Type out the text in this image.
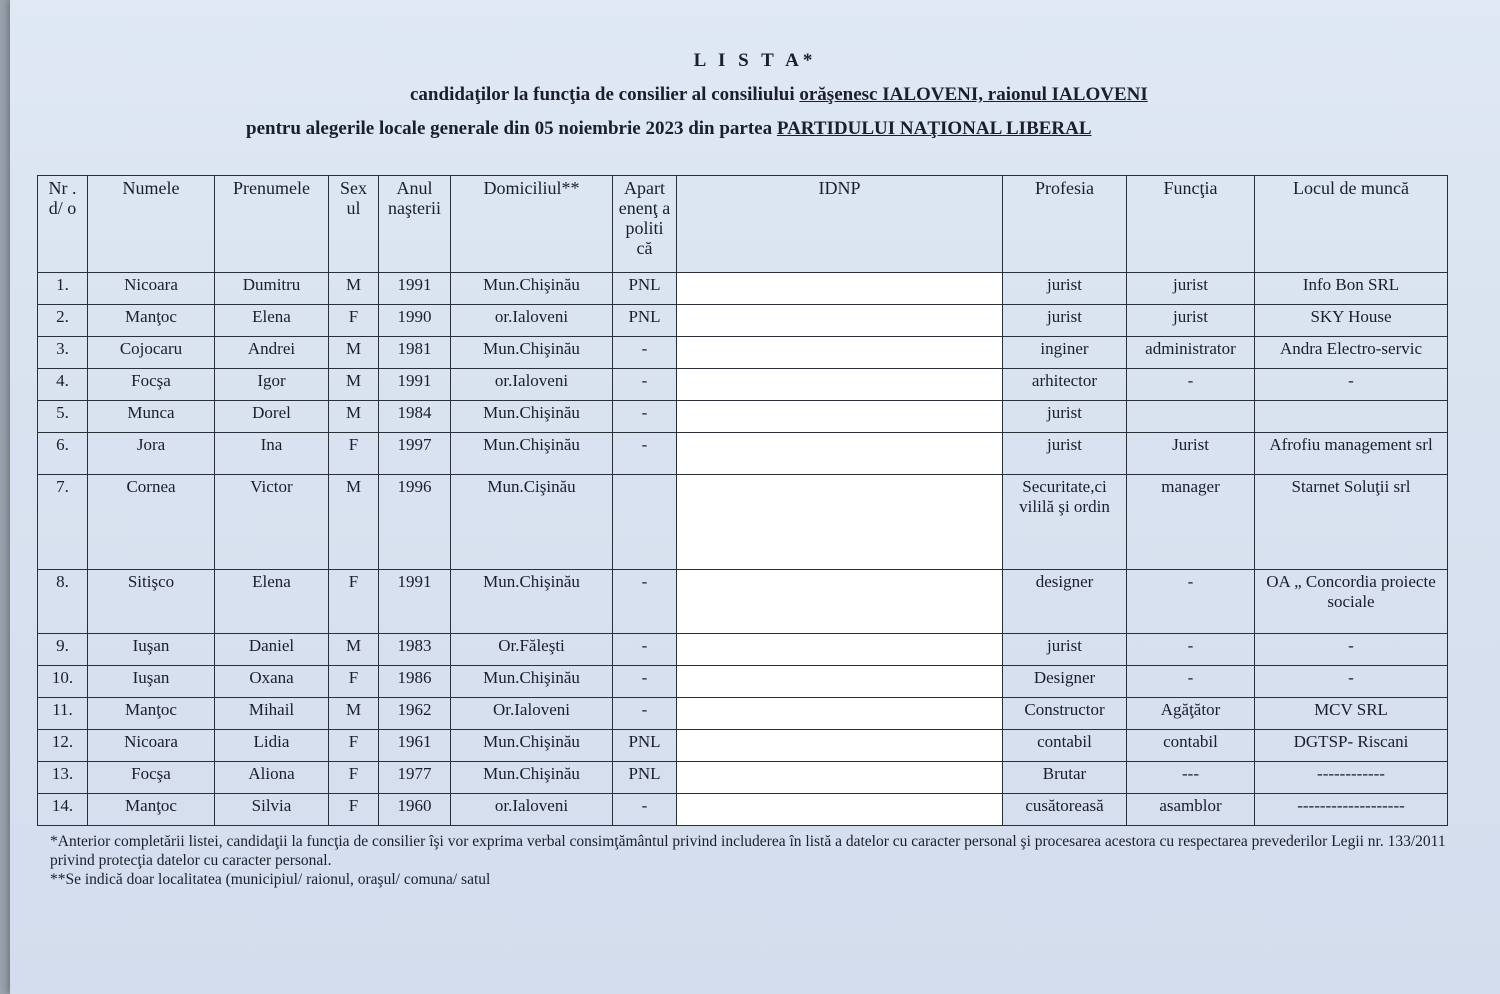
L I S T A*
candidaţilor la funcţia de consilier al consiliului orăşenesc IALOVENI, raionul IALOVENI
pentru alegerile locale generale din 05 noiembrie 2023 din partea PARTIDULUI NAŢIONAL LIBERAL
Nr . d/ o	Numele	Prenumele	Sex ul	Anul naşterii	Domiciliul**	Apart enenţ a politi că	IDNP	Profesia	Funcţia	Locul de muncă
1.	Nicoara	Dumitru	M	1991	Mun.Chişinău	PNL		jurist	jurist	Info Bon SRL
2.	Manţoc	Elena	F	1990	or.Ialoveni	PNL		jurist	jurist	SKY House
3.	Cojocaru	Andrei	M	1981	Mun.Chişinău	-		inginer	administrator	Andra Electro-servic
4.	Focşa	Igor	M	1991	or.Ialoveni	-		arhitector	-	-
5.	Munca	Dorel	M	1984	Mun.Chişinău	-		jurist		
6.	Jora	Ina	F	1997	Mun.Chişinău	-		jurist	Jurist	Afrofiu management srl
7.	Cornea	Victor	M	1996	Mun.Cişinău			Securitate,ci vililă şi ordin	manager	Starnet Soluţii srl
8.	Sitişco	Elena	F	1991	Mun.Chişinău	-		designer	-	OA „ Concordia proiecte sociale
9.	Iuşan	Daniel	M	1983	Or.Făleşti	-		jurist	-	-
10.	Iuşan	Oxana	F	1986	Mun.Chişinău	-		Designer	-	-
11.	Manţoc	Mihail	M	1962	Or.Ialoveni	-		Constructor	Agăţător	MCV SRL
12.	Nicoara	Lidia	F	1961	Mun.Chişinău	PNL		contabil	contabil	DGTSP- Riscani
13.	Focşa	Aliona	F	1977	Mun.Chişinău	PNL		Brutar	---	------------
14.	Manţoc	Silvia	F	1960	or.Ialoveni	-		cusătoreasă	asamblor	-------------------
*Anterior completării listei, candidaţii la funcţia de consilier îşi vor exprima verbal consimţământul privind includerea în listă a datelor cu caracter personal şi procesarea acestora cu respectarea prevederilor Legii nr. 133/2011 privind protecţia datelor cu caracter personal.
**Se indică doar localitatea (municipiul/ raionul, oraşul/ comuna/ satul
